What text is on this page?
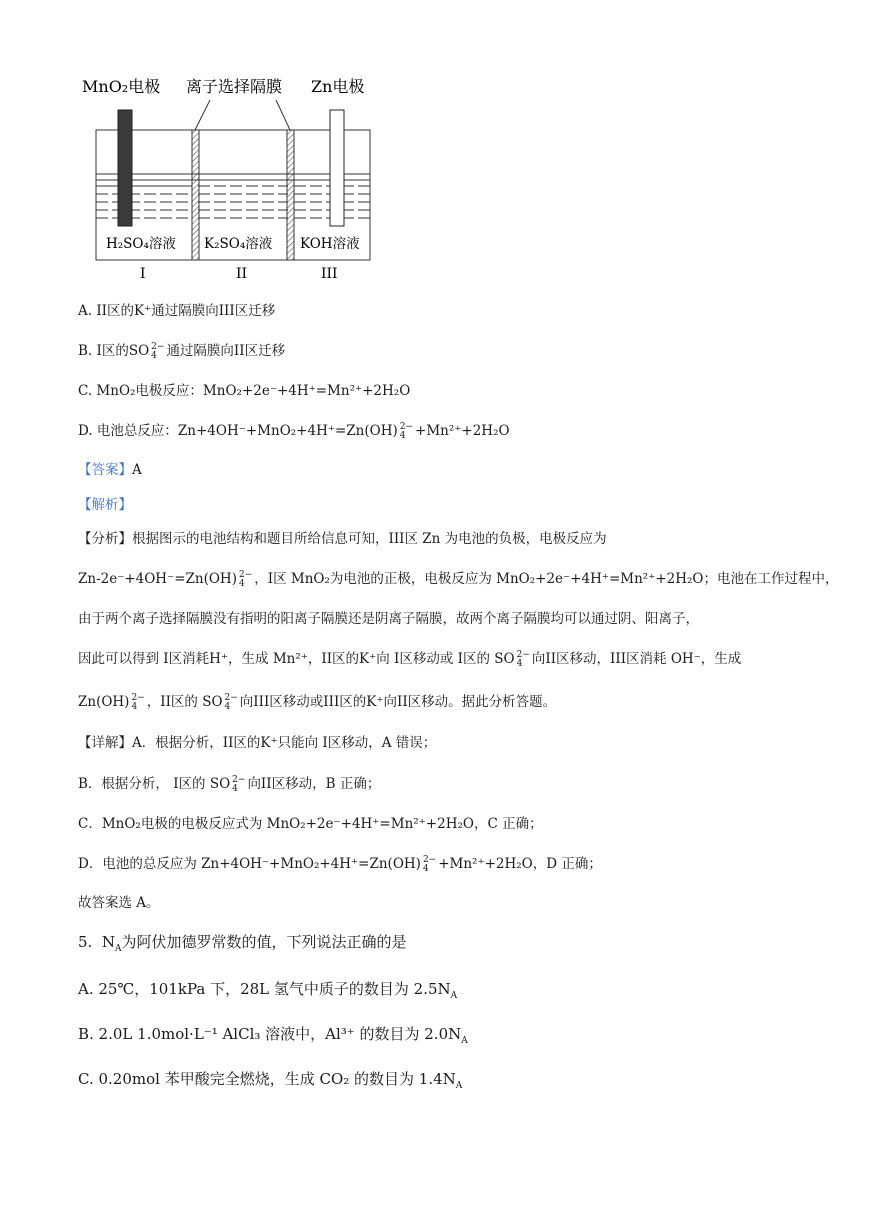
MnO₂电极 离子选择隔膜 Zn电极
H₂SO₄溶液 K₂SO₄溶液 KOH溶液
I	II	III
A. II区的K⁺通过隔膜向III区迁移
B. I区的SO 2−
4 通过隔膜向II区迁移
C. MnO₂电极反应：MnO₂+2e⁻+4H⁺=Mn²⁺+2H₂O
D. 电池总反应：Zn+4OH⁻+MnO₂+4H⁺=Zn(OH) 2−
4 +Mn²⁺+2H₂O
【答案】A
【解析】
【分析】根据图示的电池结构和题目所给信息可知，III区 Zn 为电池的负极，电极反应为
Zn-2e⁻+4OH⁻=Zn(OH) 2−
4 ，I区 MnO₂为电池的正极，电极反应为 MnO₂+2e⁻+4H⁺=Mn²⁺+2H₂O；电池在工作过程中，
由于两个离子选择隔膜没有指明的阳离子隔膜还是阴离子隔膜，故两个离子隔膜均可以通过阴、阳离子，
因此可以得到 I区消耗H⁺，生成 Mn²⁺，II区的K⁺向 I区移动或 I区的 SO 2−
4 向II区移动，III区消耗 OH⁻，生成
Zn(OH) 2−
4 ，II区的 SO 2−
4 向III区移动或III区的K⁺向II区移动。据此分析答题。
【详解】A．根据分析，II区的K⁺只能向 I区移动，A 错误；
B．根据分析， I区的 SO 2−
4 向II区移动，B 正确；
C．MnO₂电极的电极反应式为 MnO₂+2e⁻+4H⁺=Mn²⁺+2H₂O，C 正确；
D．电池的总反应为 Zn+4OH⁻+MnO₂+4H⁺=Zn(OH) 2−
4 +Mn²⁺+2H₂O，D 正确；
故答案选 A。
5. $N_A$为阿伏加德罗常数的值，下列说法正确的是
A. 25℃，101kPa 下，28L 氢气中质子的数目为 $2.5N_A$
B. 2.0L 1.0mol·L⁻¹ AlCl₃ 溶液中，Al³⁺ 的数目为 $2.0N_A$
C. 0.20mol 苯甲酸完全燃烧，生成 CO₂ 的数目为 $1.4N_A$
